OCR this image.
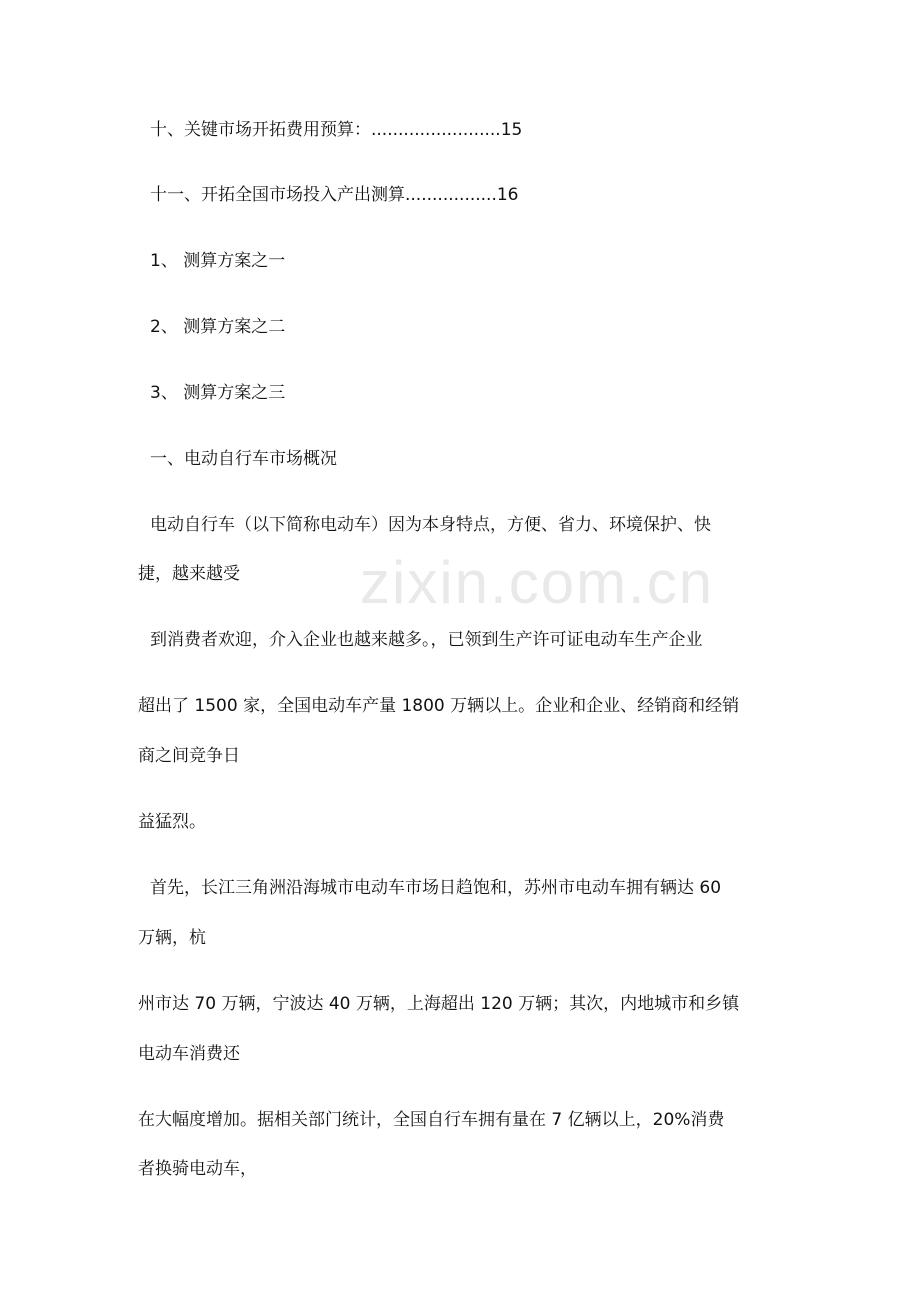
zixin.com.cn
十、关键市场开拓费用预算：........................15
十一、开拓全国市场投入产出测算.................16
1、 测算方案之一
2、 测算方案之二
3、 测算方案之三
一、电动自行车市场概况
电动自行车（以下简称电动车）因为本身特点，方便、省力、环境保护、快
捷，越来越受
到消费者欢迎，介入企业也越来越多。，已领到生产许可证电动车生产企业
超出了 1500 家，全国电动车产量 1800 万辆以上。企业和企业、经销商和经销
商之间竞争日
益猛烈。
首先，长江三角洲沿海城市电动车市场日趋饱和，苏州市电动车拥有辆达 60
万辆，杭
州市达 70 万辆，宁波达 40 万辆，上海超出 120 万辆；其次，内地城市和乡镇
电动车消费还
在大幅度增加。据相关部门统计，全国自行车拥有量在 7 亿辆以上，20%消费
者换骑电动车，
